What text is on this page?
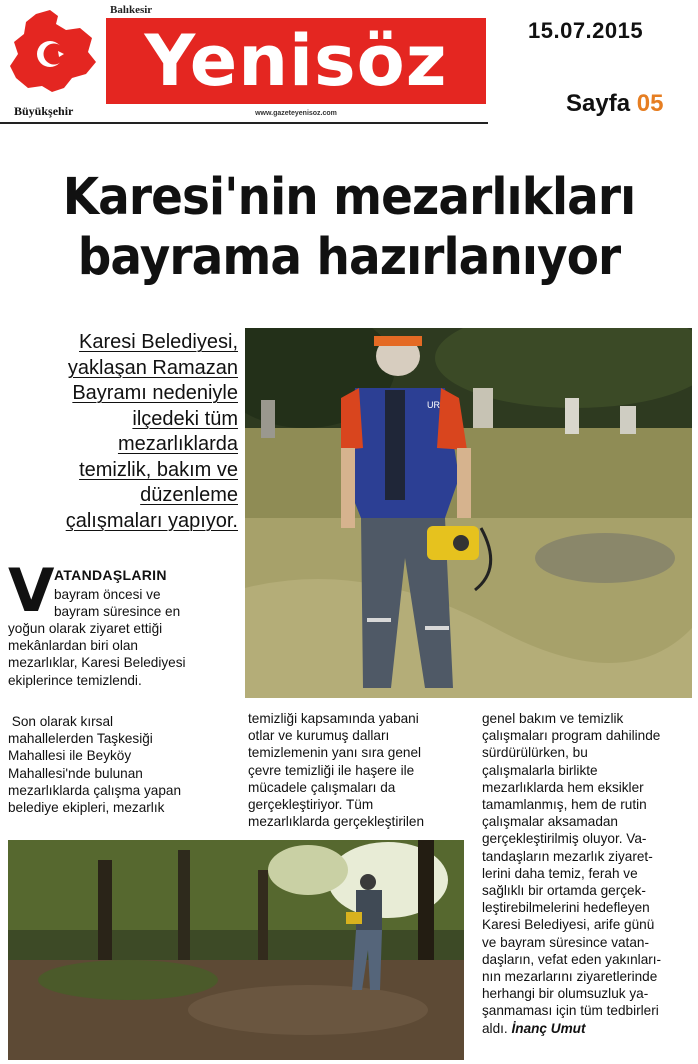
Büyükşehir
Balıkesir
Yenisöz
www.gazeteyenisoz.com
15.07.2015
Sayfa 05
Karesi'nin mezarlıkları
bayrama hazırlanıyor
Karesi Belediyesi,
yaklaşan Ramazan
Bayramı nedeniyle
ilçedeki tüm
mezarlıklarda
temizlik, bakım ve
düzenleme
çalışmaları yapıyor.
UR
V ATANDAŞLARIN
bayram öncesi ve
bayram süresince en
yoğun olarak ziyaret ettiği
mekânlardan biri olan
mezarlıklar, Karesi Belediyesi
ekiplerince temizlendi.
Son olarak kırsal
mahallelerden Taşkesiği
Mahallesi ile Beyköy
Mahallesi'nde bulunan
mezarlıklarda çalışma yapan
belediye ekipleri, mezarlık
temizliği kapsamında yabani
otlar ve kurumuş dalları
temizlemenin yanı sıra genel
çevre temizliği ile haşere ile
mücadele çalışmaları da
gerçekleştiriyor. Tüm
mezarlıklarda gerçekleştirilen
genel bakım ve temizlik
çalışmaları program dahilinde
sürdürülürken, bu
çalışmalarla birlikte
mezarlıklarda hem eksikler
tamamlanmış, hem de rutin
çalışmalar aksamadan
gerçekleştirilmiş oluyor. Va-
tandaşların mezarlık ziyaret-
lerini daha temiz, ferah ve
sağlıklı bir ortamda gerçek-
leştirebilmelerini hedefleyen
Karesi Belediyesi, arife günü
ve bayram süresince vatan-
daşların, vefat eden yakınları-
nın mezarlarını ziyaretlerinde
herhangi bir olumsuzluk ya-
şanmaması için tüm tedbirleri
aldı. İnanç Umut
